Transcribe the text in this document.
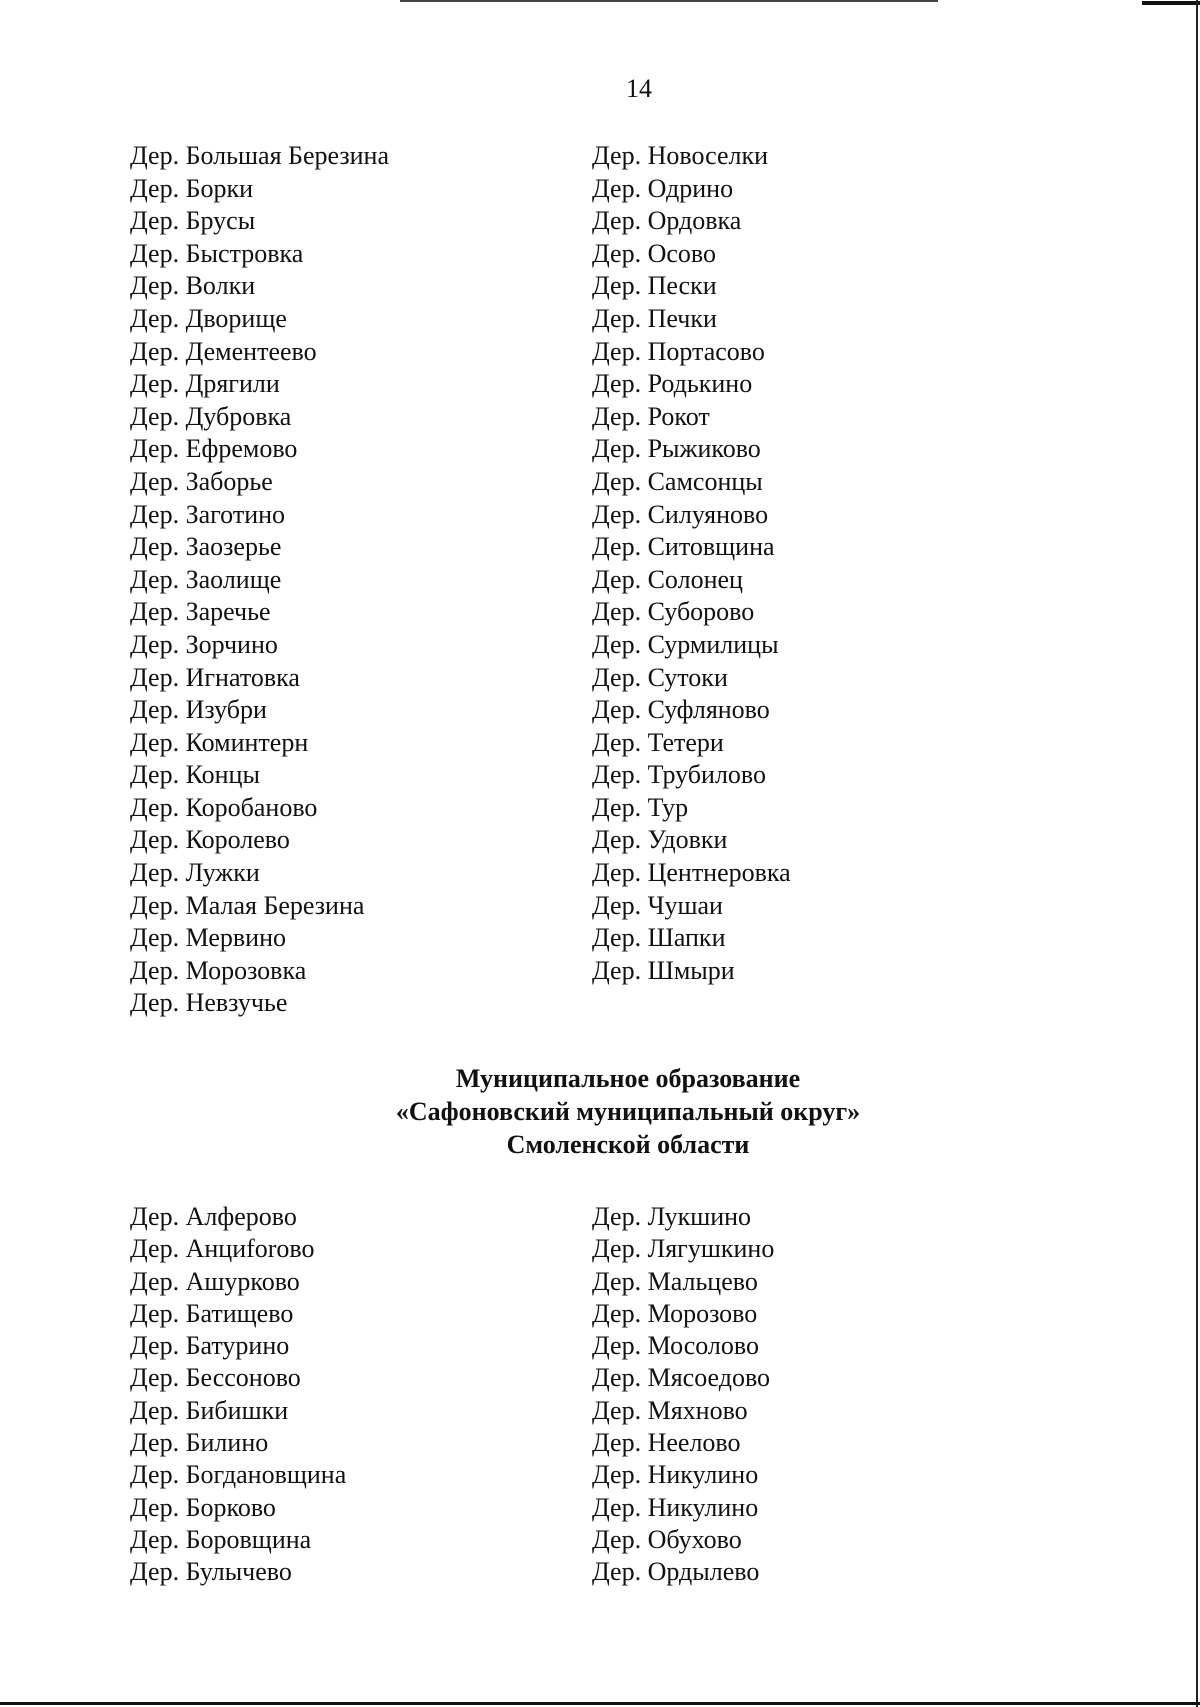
14
Дер. Большая Березина
Дер. Борки
Дер. Брусы
Дер. Быстровка
Дер. Волки
Дер. Дворище
Дер. Дементеево
Дер. Дрягили
Дер. Дубровка
Дер. Ефремово
Дер. Заборье
Дер. Заготино
Дер. Заозерье
Дер. Заолище
Дер. Заречье
Дер. Зорчино
Дер. Игнатовка
Дер. Изубри
Дер. Коминтерн
Дер. Концы
Дер. Коробаново
Дер. Королево
Дер. Лужки
Дер. Малая Березина
Дер. Мервино
Дер. Морозовка
Дер. Невзучье
Дер. Новоселки
Дер. Одрино
Дер. Ордовка
Дер. Осово
Дер. Пески
Дер. Печки
Дер. Портасово
Дер. Родькино
Дер. Рокот
Дер. Рыжиково
Дер. Самсонцы
Дер. Силуяново
Дер. Ситовщина
Дер. Солонец
Дер. Суборово
Дер. Сурмилицы
Дер. Сутоки
Дер. Суфляново
Дер. Тетери
Дер. Трубилово
Дер. Тур
Дер. Удовки
Дер. Центнеровка
Дер. Чушаи
Дер. Шапки
Дер. Шмыри
Муниципальное образование
«Сафоновский муниципальный округ»
Смоленской области
Дер. Алферово
Дер. Анциforово
Дер. Ашурково
Дер. Батищево
Дер. Батурино
Дер. Бессоново
Дер. Бибишки
Дер. Билино
Дер. Богдановщина
Дер. Борково
Дер. Боровщина
Дер. Булычево
Дер. Лукшино
Дер. Лягушкино
Дер. Мальцево
Дер. Морозово
Дер. Мосолово
Дер. Мясоедово
Дер. Мяхново
Дер. Неелово
Дер. Никулино
Дер. Никулино
Дер. Обухово
Дер. Ордылево
